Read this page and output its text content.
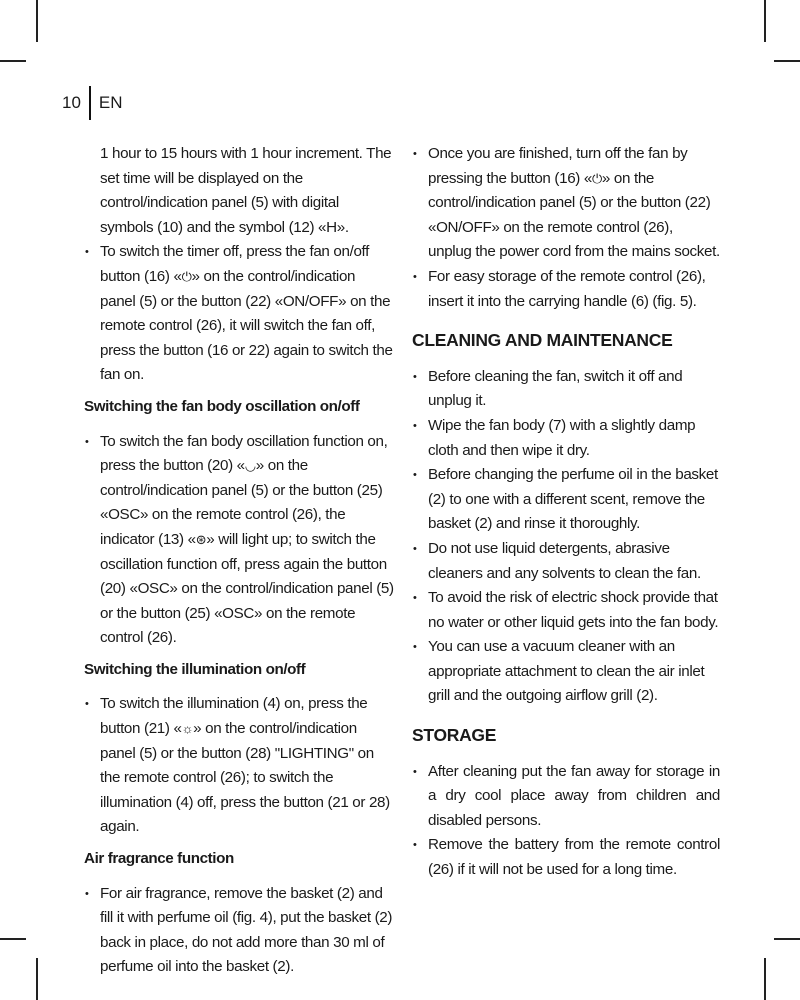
10	EN
1 hour to 15 hours with 1 hour increment. The set time will be displayed on the control/indication panel (5) with digital symbols (10) and the symbol (12) «H».
• To switch the timer off, press the fan on/off button (16) «⏻» on the control/indication panel (5) or the button (22) «ON/OFF» on the remote control (26), it will switch the fan off, press the button (16 or 22) again to switch the fan on.
Switching the fan body oscillation on/off
• To switch the fan body oscillation function on, press the button (20) «◡» on the control/indication panel (5) or the button (25) «OSC» on the remote control (26), the indicator (13) «⊛» will light up; to switch the oscillation function off, press again the button (20) «OSC» on the control/indication panel (5) or the button (25) «OSC» on the remote control (26).
Switching the illumination on/off
• To switch the illumination (4) on, press the button (21) «☼» on the control/indication panel (5) or the button (28) "LIGHTING" on the remote control (26); to switch the illumination (4) off, press the button (21 or 28) again.
Air fragrance function
• For air fragrance, remove the basket (2) and fill it with perfume oil (fig. 4), put the basket (2) back in place, do not add more than 30 ml of perfume oil into the basket (2).
• Once you are finished, turn off the fan by pressing the button (16) «⏻» on the control/indication panel (5) or the button (22) «ON/OFF» on the remote control (26), unplug the power cord from the mains socket.
• For easy storage of the remote control (26), insert it into the carrying handle (6) (fig. 5).
CLEANING AND MAINTENANCE
• Before cleaning the fan, switch it off and unplug it.
• Wipe the fan body (7) with a slightly damp cloth and then wipe it dry.
• Before changing the perfume oil in the basket (2) to one with a different scent, remove the basket (2) and rinse it thoroughly.
• Do not use liquid detergents, abrasive cleaners and any solvents to clean the fan.
• To avoid the risk of electric shock provide that no water or other liquid gets into the fan body.
• You can use a vacuum cleaner with an appropriate attachment to clean the air inlet grill and the outgoing airflow grill (2).
STORAGE
• After cleaning put the fan away for storage in a dry cool place away from children and disabled persons.
• Remove the battery from the remote control (26) if it will not be used for a long time.
